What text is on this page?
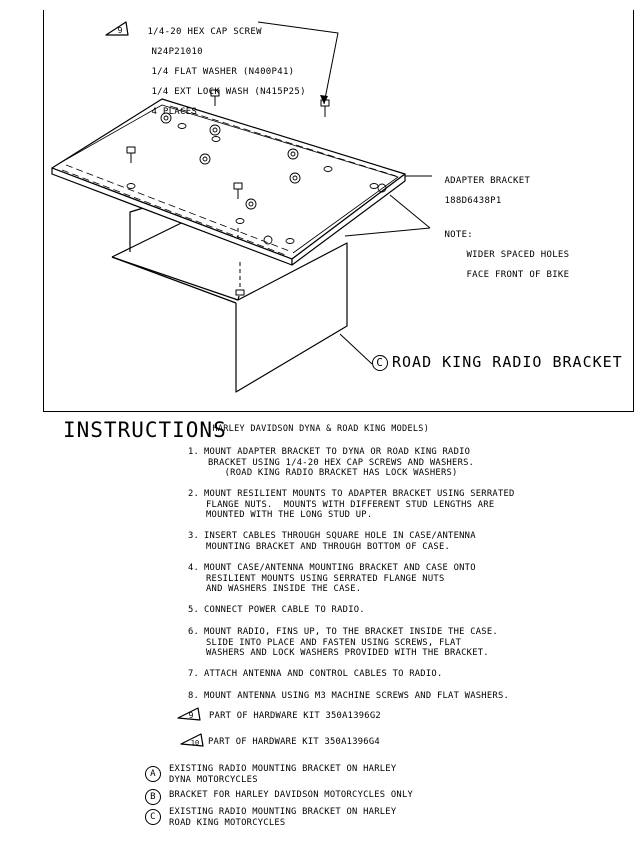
9
9
10

1/4-20 HEX CAP SCREW

N24P21010

1/4 FLAT WASHER (N400P41)

1/4 EXT LOCK WASH (N415P25)

4 PLACES

ADAPTER BRACKET

188D6438P1

NOTE:

WIDER SPACED HOLES

FACE FRONT OF BIKE

C ROAD KING RADIO BRACKET
INSTRUCTIONS
(HARLEY DAVIDSON DYNA & ROAD KING MODELS)
1. MOUNT ADAPTER BRACKET TO DYNA OR ROAD KING RADIO
BRACKET USING 1/4-20 HEX CAP SCREWS AND WASHERS.
(ROAD KING RADIO BRACKET HAS LOCK WASHERS)
2. MOUNT RESILIENT MOUNTS TO ADAPTER BRACKET USING SERRATED
FLANGE NUTS.  MOUNTS WITH DIFFERENT STUD LENGTHS ARE
MOUNTED WITH THE LONG STUD UP.
3. INSERT CABLES THROUGH SQUARE HOLE IN CASE/ANTENNA
MOUNTING BRACKET AND THROUGH BOTTOM OF CASE.
4. MOUNT CASE/ANTENNA MOUNTING BRACKET AND CASE ONTO
RESILIENT MOUNTS USING SERRATED FLANGE NUTS
AND WASHERS INSIDE THE CASE.
5. CONNECT POWER CABLE TO RADIO.
6. MOUNT RADIO, FINS UP, TO THE BRACKET INSIDE THE CASE.
SLIDE INTO PLACE AND FASTEN USING SCREWS, FLAT
WASHERS AND LOCK WASHERS PROVIDED WITH THE BRACKET.
7. ATTACH ANTENNA AND CONTROL CABLES TO RADIO.
8. MOUNT ANTENNA USING M3 MACHINE SCREWS AND FLAT WASHERS.
PART OF HARDWARE KIT 350A1396G2
PART OF HARDWARE KIT 350A1396G4
A	EXISTING RADIO MOUNTING BRACKET ON HARLEY
DYNA MOTORCYCLES
B	BRACKET FOR HARLEY DAVIDSON MOTORCYCLES ONLY
C	EXISTING RADIO MOUNTING BRACKET ON HARLEY
ROAD KING MOTORCYCLES
